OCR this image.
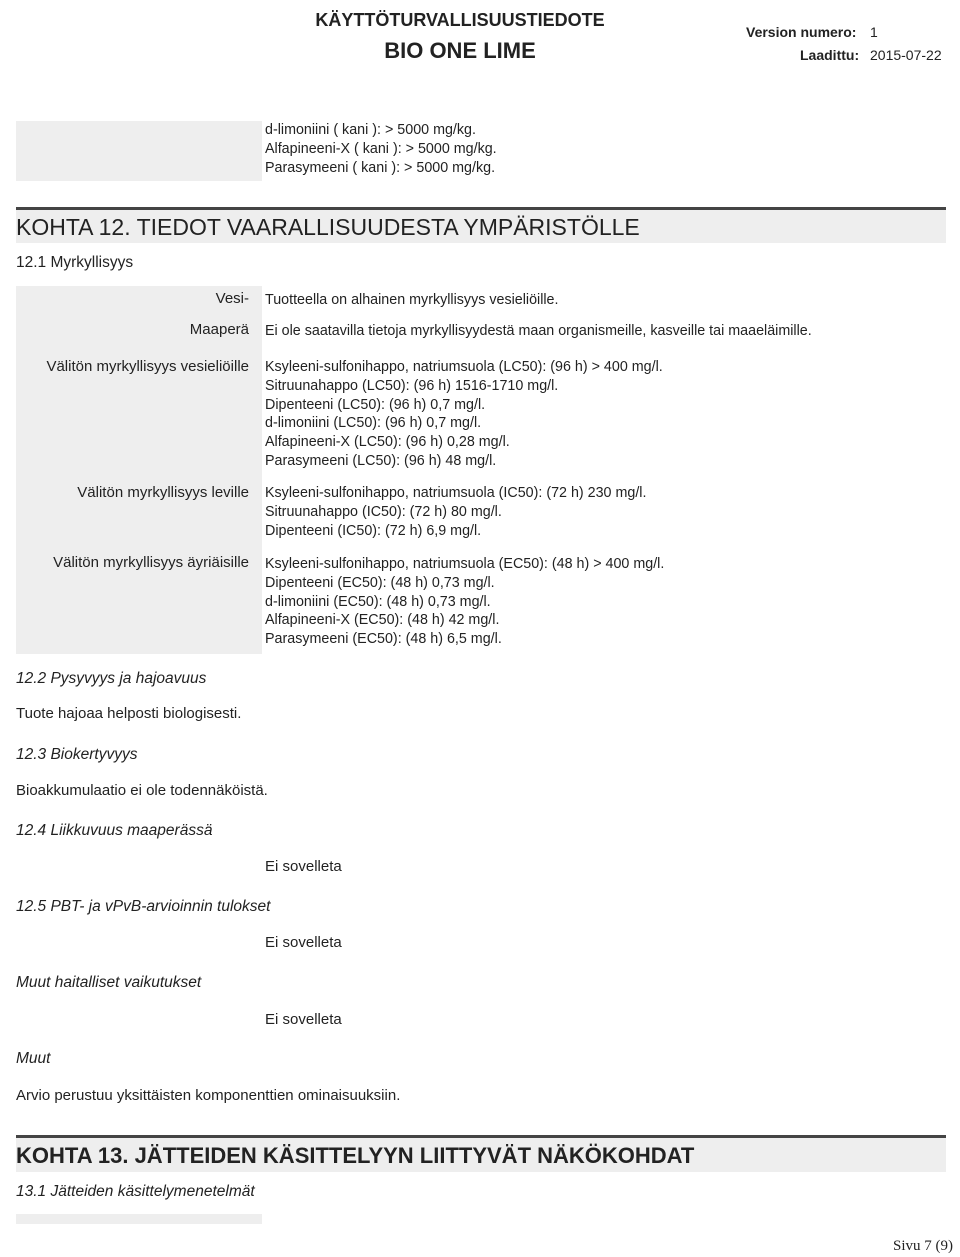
KÄYTTÖTURVALLISUUSTIEDOTE
BIO ONE LIME
Version numero: 1
Laadittu: 2015-07-22
d-limoniini ( kani ): > 5000 mg/kg.
Alfapineeni-X ( kani ): > 5000 mg/kg.
Parasymeeni ( kani ): > 5000 mg/kg.
KOHTA 12. TIEDOT VAARALLISUUDESTA YMPÄRISTÖLLE
12.1 Myrkyllisyys
Vesi- Tuotteella on alhainen myrkyllisyys vesieliöille.
Maaperä Ei ole saatavilla tietoja myrkyllisyydestä maan organismeille, kasveille tai maaeläimille.
Välitön myrkyllisyys vesieliöille Ksyleeni-sulfonihappo, natriumsuola (LC50): (96 h) > 400 mg/l.
Sitruunahappo (LC50): (96 h) 1516-1710 mg/l.
Dipenteeni (LC50): (96 h) 0,7 mg/l.
d-limoniini (LC50): (96 h) 0,7 mg/l.
Alfapineeni-X (LC50): (96 h) 0,28 mg/l.
Parasymeeni (LC50): (96 h) 48 mg/l.
Välitön myrkyllisyys leville Ksyleeni-sulfonihappo, natriumsuola (IC50): (72 h) 230 mg/l.
Sitruunahappo (IC50): (72 h) 80 mg/l.
Dipenteeni (IC50): (72 h) 6,9 mg/l.
Välitön myrkyllisyys äyriäisille Ksyleeni-sulfonihappo, natriumsuola (EC50): (48 h) > 400 mg/l.
Dipenteeni (EC50): (48 h) 0,73 mg/l.
d-limoniini (EC50): (48 h) 0,73 mg/l.
Alfapineeni-X (EC50): (48 h) 42 mg/l.
Parasymeeni (EC50): (48 h) 6,5 mg/l.
12.2 Pysyvyys ja hajoavuus
Tuote hajoaa helposti biologisesti.
12.3 Biokertyvyys
Bioakkumulaatio ei ole todennäköistä.
12.4 Liikkuvuus maaperässä
Ei sovelleta
12.5 PBT- ja vPvB-arvioinnin tulokset
Ei sovelleta
Muut haitalliset vaikutukset
Ei sovelleta
Muut
Arvio perustuu yksittäisten komponenttien ominaisuuksiin.
KOHTA 13. JÄTTEIDEN KÄSITTELYYN LIITTYVÄT NÄKÖKOHDAT
13.1 Jätteiden käsittelymenetelmät
Sivu 7 (9)
